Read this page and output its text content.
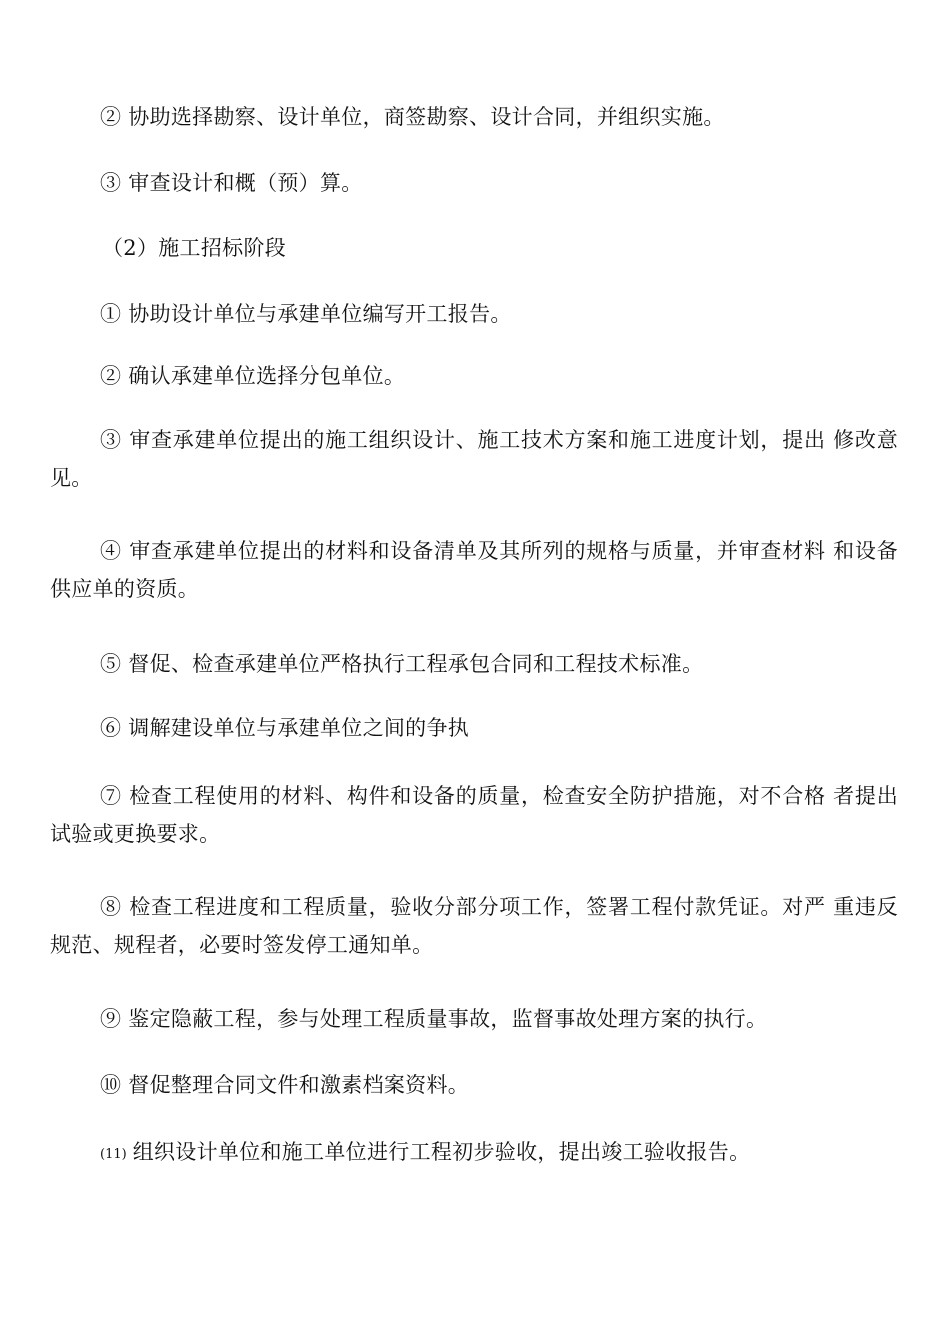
② 协助选择勘察、设计单位，商签勘察、设计合同，并组织实施。

③ 审查设计和概（预）算。

（2）施工招标阶段

① 协助设计单位与承建单位编写开工报告。

② 确认承建单位选择分包单位。

③ 审查承建单位提出的施工组织设计、施工技术方案和施工进度计划，提出 修改意见。

④ 审查承建单位提出的材料和设备清单及其所列的规格与质量，并审查材料 和设备供应单的资质。

⑤ 督促、检查承建单位严格执行工程承包合同和工程技术标准。

⑥ 调解建设单位与承建单位之间的争执

⑦ 检查工程使用的材料、构件和设备的质量，检查安全防护措施，对不合格 者提出试验或更换要求。

⑧ 检查工程进度和工程质量，验收分部分项工作，签署工程付款凭证。对严 重违反规范、规程者，必要时签发停工通知单。

⑨ 鉴定隐蔽工程，参与处理工程质量事故，监督事故处理方案的执行。

⑩ 督促整理合同文件和激素档案资料。

(11) 组织设计单位和施工单位进行工程初步验收，提出竣工验收报告。
